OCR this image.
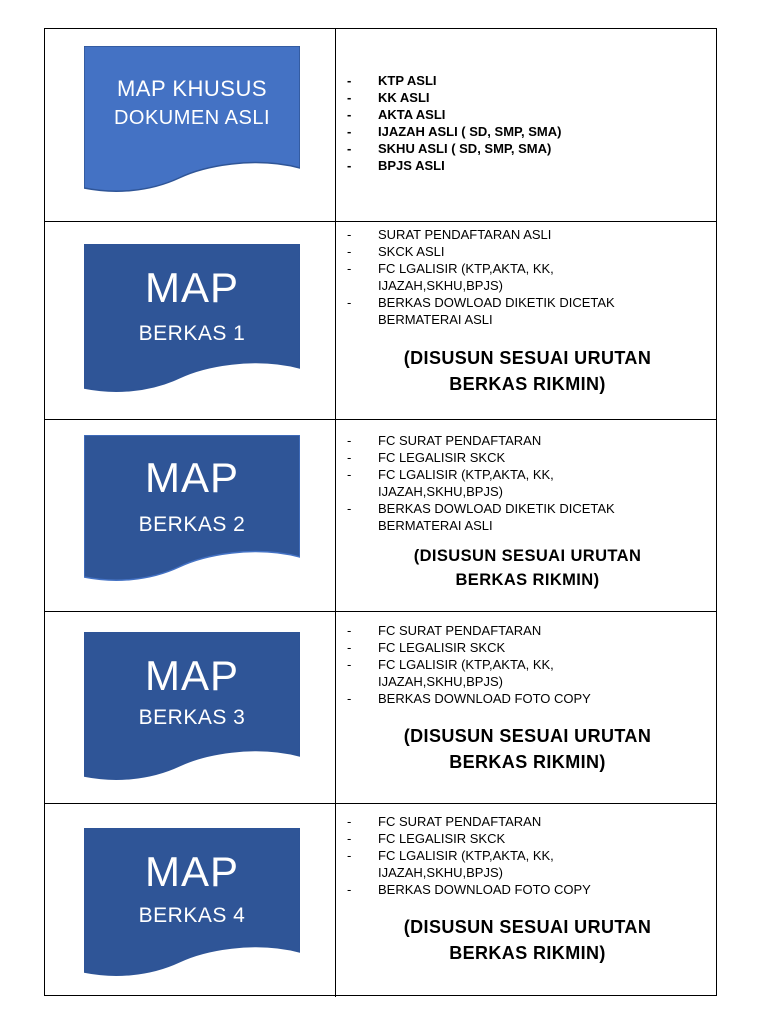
MAP KHUSUS
DOKUMEN ASLI
- KTP ASLI
- KK ASLI
- AKTA ASLI
- IJAZAH ASLI ( SD, SMP, SMA)
- SKHU ASLI ( SD, SMP, SMA)
- BPJS ASLI
MAP
BERKAS 1
- SURAT PENDAFTARAN ASLI
- SKCK ASLI
- FC LGALISIR (KTP,AKTA, KK,
IJAZAH,SKHU,BPJS)
- BERKAS DOWLOAD DIKETIK DICETAK
BERMATERAI ASLI
(DISUSUN SESUAI URUTAN
BERKAS RIKMIN)
MAP
BERKAS 2
- FC SURAT PENDAFTARAN
- FC LEGALISIR SKCK
- FC LGALISIR (KTP,AKTA, KK,
IJAZAH,SKHU,BPJS)
- BERKAS DOWLOAD DIKETIK DICETAK
BERMATERAI ASLI
(DISUSUN SESUAI URUTAN
BERKAS RIKMIN)
MAP
BERKAS 3
- FC SURAT PENDAFTARAN
- FC LEGALISIR SKCK
- FC LGALISIR (KTP,AKTA, KK,
IJAZAH,SKHU,BPJS)
- BERKAS DOWNLOAD FOTO COPY
(DISUSUN SESUAI URUTAN
BERKAS RIKMIN)
MAP
BERKAS 4
- FC SURAT PENDAFTARAN
- FC LEGALISIR SKCK
- FC LGALISIR (KTP,AKTA, KK,
IJAZAH,SKHU,BPJS)
- BERKAS DOWNLOAD FOTO COPY
(DISUSUN SESUAI URUTAN
BERKAS RIKMIN)
